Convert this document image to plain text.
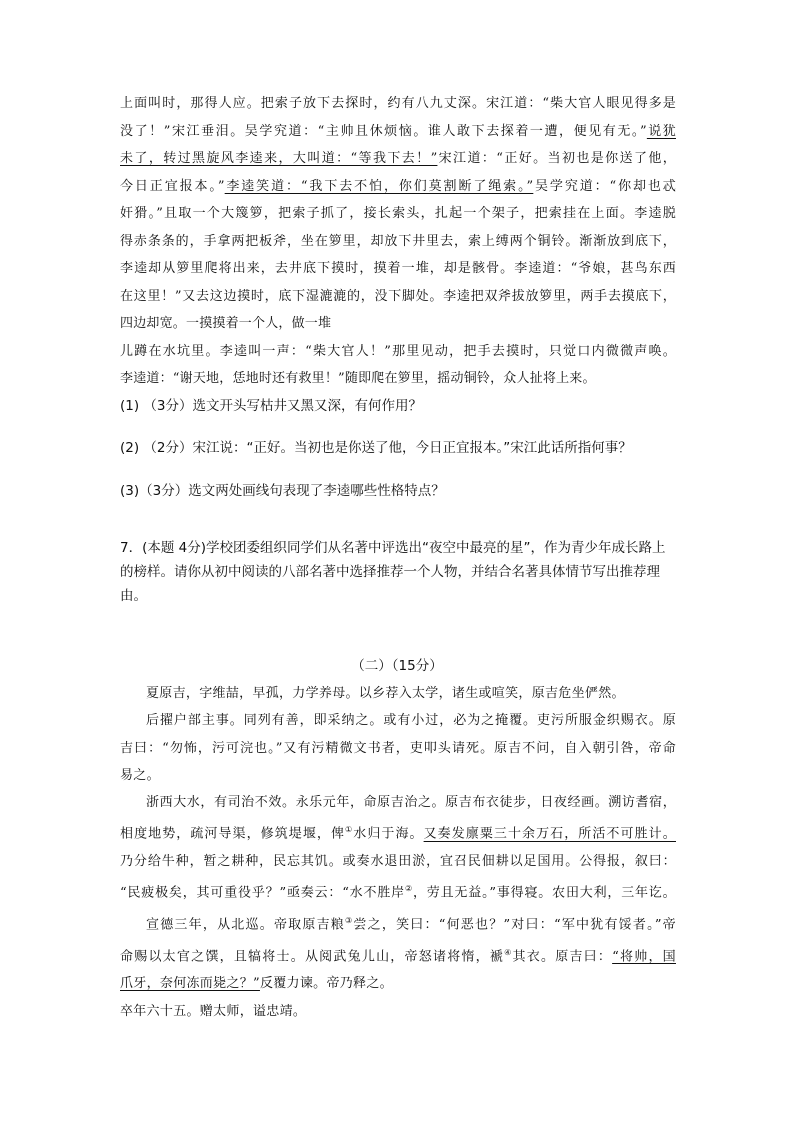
上面叫时，那得人应。把索子放下去探时，约有八九丈深。宋江道：“柴大官人眼见得多是
没了！”宋江垂泪。吴学究道：“主帅且休烦恼。谁人敢下去探着一遭，便见有无。”说犹
未了，转过黑旋风李逵来，大叫道：“等我下去！”宋江道：“正好。当初也是你送了他，
今日正宜报本。”李逵笑道：“我下去不怕，你们莫割断了绳索。”吴学究道：“你却也忒
奸猾。”且取一个大篾箩，把索子抓了，接长索头，扎起一个架子，把索挂在上面。李逵脱
得赤条条的，手拿两把板斧，坐在箩里，却放下井里去，索上缚两个铜铃。渐渐放到底下，
李逵却从箩里爬将出来，去井底下摸时，摸着一堆，却是骸骨。李逵道：“爷娘，甚鸟东西
在这里！”又去这边摸时，底下湿漉漉的，没下脚处。李逵把双斧拔放箩里，两手去摸底下，
四边却宽。一摸摸着一个人，做一堆
儿蹲在水坑里。李逵叫一声：“柴大官人！”那里见动，把手去摸时，只觉口内微微声唤。
李逵道：“谢天地，恁地时还有救里！”随即爬在箩里，摇动铜铃，众人扯将上来。

(1) （3分）选文开头写枯井又黑又深，有何作用？

(2) （2分）宋江说：“正好。当初也是你送了他，今日正宜报本。”宋江此话所指何事？

(3)（3分）选文两处画线句表现了李逵哪些性格特点？

7．(本题 4分)学校团委组织同学们从名著中评选出“夜空中最亮的星”，作为青少年成长路上
的榜样。请你从初中阅读的八部名著中选择推荐一个人物，并结合名著具体情节写出推荐理
由。

（二）（15分）

夏原吉，字维喆，早孤，力学养母。以乡荐入太学，诸生或喧笑，原吉危坐俨然。
后擢户部主事。同列有善，即采纳之。或有小过，必为之掩覆。吏污所服金织赐衣。原
吉曰：“勿怖，污可浣也。”又有污精微文书者，吏叩头请死。原吉不问，自入朝引咎，帝命
易之。
浙西大水，有司治不效。永乐元年，命原吉治之。原吉布衣徒步，日夜经画。溯访耆宿，
相度地势，疏河导渠，修筑堤堰，俾①水归于海。又奏发廪粟三十余万石，所活不可胜计。
乃分给牛种，暂之耕种，民忘其饥。或奏水退田淤，宜召民佃耕以足国用。公得报，叙曰：
“民疲极矣，其可重役乎？”亟奏云：“水不胜岸②，劳且无益。”事得寝。农田大利，三年讫。
宣德三年，从北巡。帝取原吉粮③尝之，笑曰：“何恶也？”对曰：“军中犹有馁者。”帝
命赐以太官之馔，且犒将士。从阅武兔儿山，帝怒诸将惰，褫④其衣。原吉曰：“将帅，国
爪牙，奈何冻而毙之？”反覆力谏。帝乃释之。
卒年六十五。赠太师，谥忠靖。
